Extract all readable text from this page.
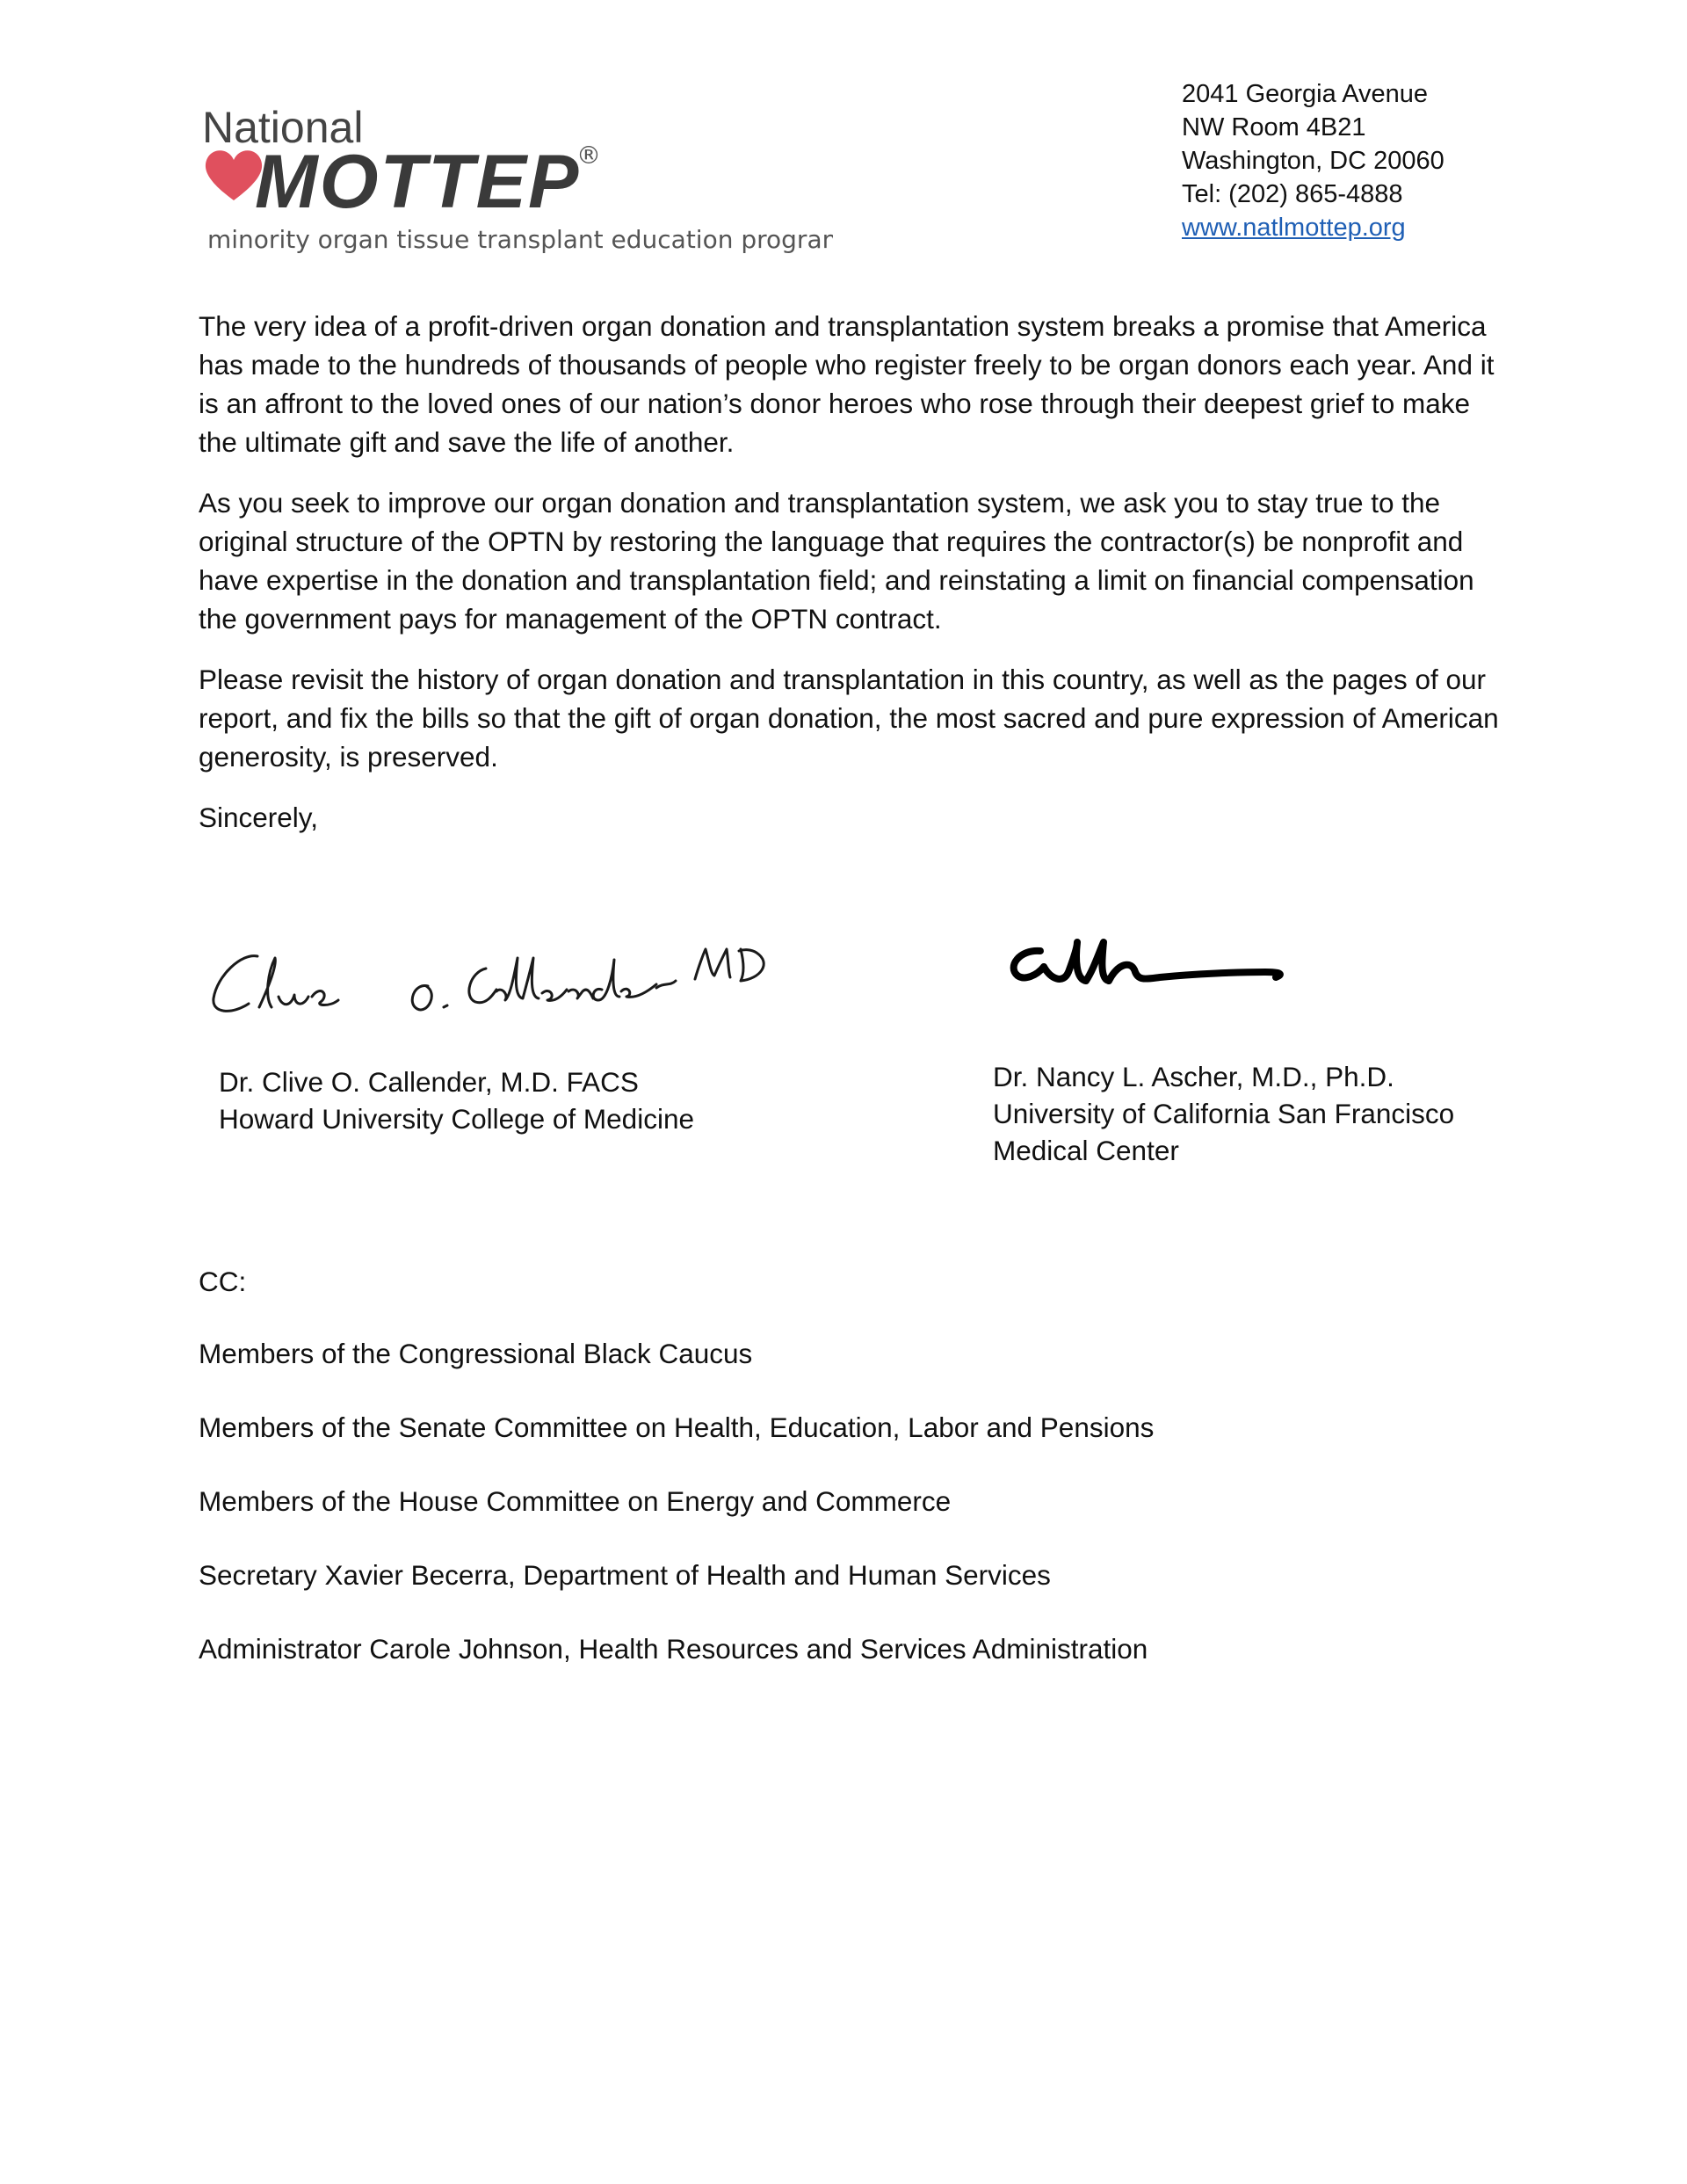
National
MOTTEP
®
minority organ tissue transplant education program
2041 Georgia Avenue
NW Room 4B21
Washington, DC 20060
Tel: (202) 865-4888
www.natlmottep.org

The very idea of a profit-driven organ donation and transplantation system breaks a promise that America has made to the hundreds of thousands of people who register freely to be organ donors each year. And it is an affront to the loved ones of our nation’s donor heroes who rose through their deepest grief to make the ultimate gift and save the life of another.

As you seek to improve our organ donation and transplantation system, we ask you to stay true to the original structure of the OPTN by restoring the language that requires the contractor(s) be nonprofit and have expertise in the donation and transplantation field; and reinstating a limit on financial compensation the government pays for management of the OPTN contract.

Please revisit the history of organ donation and transplantation in this country, as well as the pages of our report, and fix the bills so that the gift of organ donation, the most sacred and pure expression of American generosity, is preserved.

Sincerely,

Clive O. Callender MD
Dr. Clive O. Callender, M.D. FACS
Howard University College of Medicine
Dr. Nancy L. Ascher, M.D., Ph.D.
University of California San Francisco
Medical Center
CC:
Members of the Congressional Black Caucus
Members of the Senate Committee on Health, Education, Labor and Pensions
Members of the House Committee on Energy and Commerce
Secretary Xavier Becerra, Department of Health and Human Services
Administrator Carole Johnson, Health Resources and Services Administration
